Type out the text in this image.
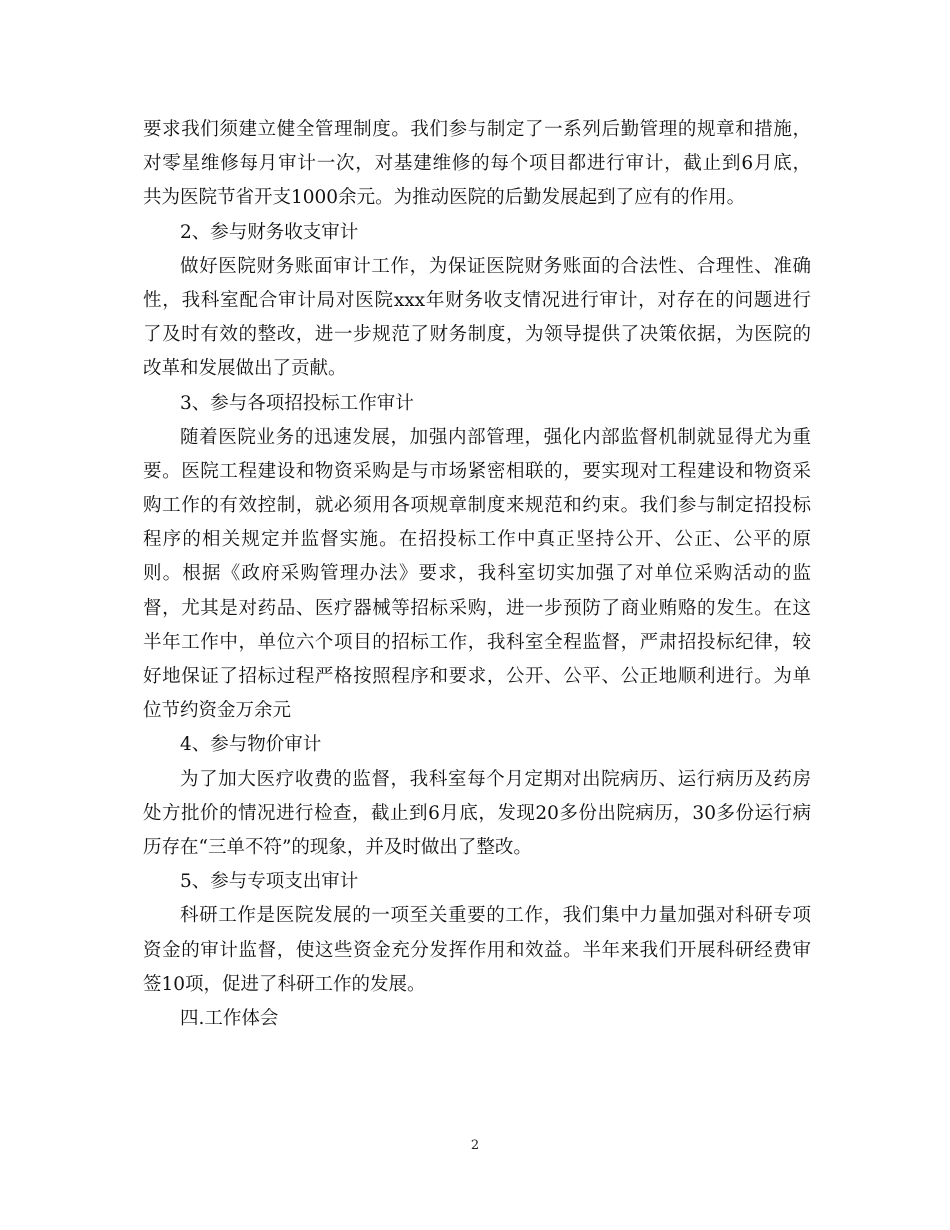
要求我们须建立健全管理制度。我们参与制定了一系列后勤管理的规章和措施，
对零星维修每月审计一次，对基建维修的每个项目都进行审计，截止到6月底，
共为医院节省开支1000余元。为推动医院的后勤发展起到了应有的作用。
2、参与财务收支审计
做好医院财务账面审计工作，为保证医院财务账面的合法性、合理性、准确
性，我科室配合审计局对医院xxx年财务收支情况进行审计，对存在的问题进行
了及时有效的整改，进一步规范了财务制度，为领导提供了决策依据，为医院的
改革和发展做出了贡献。
3、参与各项招投标工作审计
随着医院业务的迅速发展，加强内部管理，强化内部监督机制就显得尤为重
要。医院工程建设和物资采购是与市场紧密相联的，要实现对工程建设和物资采
购工作的有效控制，就必须用各项规章制度来规范和约束。我们参与制定招投标
程序的相关规定并监督实施。在招投标工作中真正坚持公开、公正、公平的原
则。根据《政府采购管理办法》要求，我科室切实加强了对单位采购活动的监
督，尤其是对药品、医疗器械等招标采购，进一步预防了商业贿赂的发生。在这
半年工作中，单位六个项目的招标工作，我科室全程监督，严肃招投标纪律，较
好地保证了招标过程严格按照程序和要求，公开、公平、公正地顺利进行。为单
位节约资金万余元
4、参与物价审计
为了加大医疗收费的监督，我科室每个月定期对出院病历、运行病历及药房
处方批价的情况进行检查，截止到6月底，发现20多份出院病历，30多份运行病
历存在“三单不符”的现象，并及时做出了整改。
5、参与专项支出审计
科研工作是医院发展的一项至关重要的工作，我们集中力量加强对科研专项
资金的审计监督，使这些资金充分发挥作用和效益。半年来我们开展科研经费审
签10项，促进了科研工作的发展。
四.工作体会
2
